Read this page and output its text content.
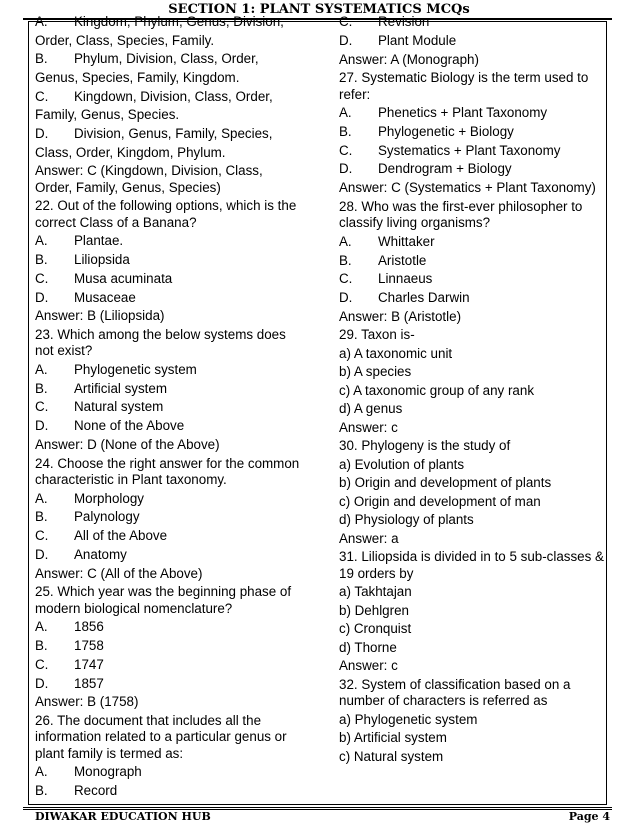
SECTION 1: PLANT SYSTEMATICS MCQs
A.	Kingdom, Phylum, Genus, Division,
Order, Class, Species, Family.
B.	Phylum, Division, Class, Order,
Genus, Species, Family, Kingdom.
C.	Kingdown, Division, Class, Order,
Family, Genus, Species.
D.	Division, Genus, Family, Species,
Class, Order, Kingdom, Phylum.
Answer: C (Kingdown, Division, Class, Order, Family, Genus, Species)
22. Out of the following options, which is the correct Class of a Banana?
A.	Plantae.
B.	Liliopsida
C.	Musa acuminata
D.	Musaceae
Answer: B (Liliopsida)
23. Which among the below systems does not exist?
A.	Phylogenetic system
B.	Artificial system
C.	Natural system
D.	None of the Above
Answer: D (None of the Above)
24. Choose the right answer for the common characteristic in Plant taxonomy.
A.	Morphology
B.	Palynology
C.	All of the Above
D.	Anatomy
Answer: C (All of the Above)
25. Which year was the beginning phase of modern biological nomenclature?
A.	1856
B.	1758
C.	1747
D.	1857
Answer: B (1758)
26. The document that includes all the information related to a particular genus or plant family is termed as:
A.	Monograph
B.	Record
C.	Revision
D.	Plant Module
Answer: A (Monograph)
27. Systematic Biology is the term used to refer:
A.	Phenetics + Plant Taxonomy
B.	Phylogenetic + Biology
C.	Systematics + Plant Taxonomy
D.	Dendrogram + Biology
Answer: C (Systematics + Plant Taxonomy)
28. Who was the first-ever philosopher to classify living organisms?
A.	Whittaker
B.	Aristotle
C.	Linnaeus
D.	Charles Darwin
Answer: B (Aristotle)
29. Taxon is-
a) A taxonomic unit
b) A species
c) A taxonomic group of any rank
d) A genus
Answer: c
30. Phylogeny is the study of
a) Evolution of plants
b) Origin and development of plants
c) Origin and development of man
d) Physiology of plants
Answer: a
31. Liliopsida is divided in to 5 sub-classes & 19 orders by
a) Takhtajan
b) Dehlgren
c) Cronquist
d) Thorne
Answer: c
32. System of classification based on a number of characters is referred as
a) Phylogenetic system
b) Artificial system
c) Natural system
DIWAKAR EDUCATION HUB	Page 4
